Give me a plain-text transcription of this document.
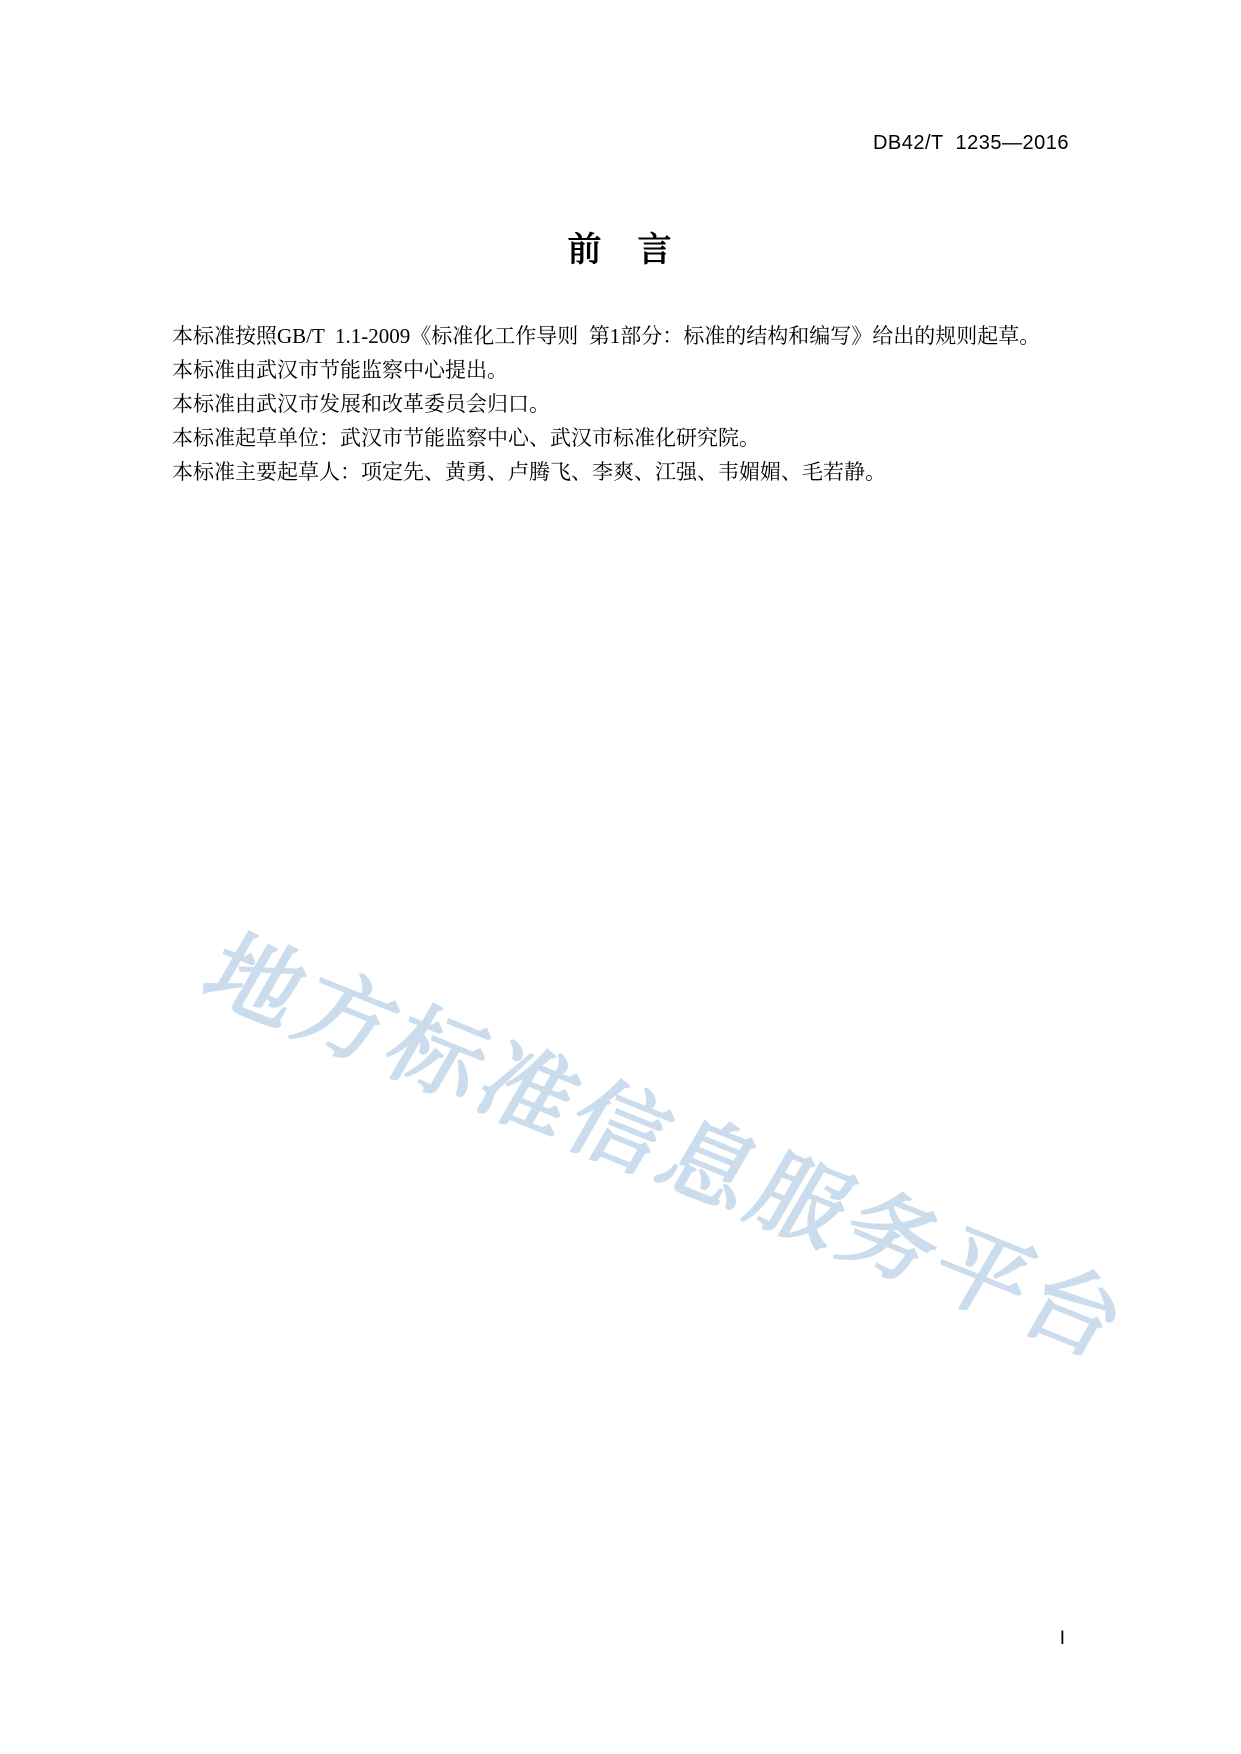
DB42/T  1235—2016
前 言

本标准按照GB/T  1.1-2009《标准化工作导则  第1部分：标准的结构和编写》给出的规则起草。

本标准由武汉市节能监察中心提出。

本标准由武汉市发展和改革委员会归口。

本标准起草单位：武汉市节能监察中心、武汉市标准化研究院。

本标准主要起草人：项定先、黄勇、卢腾飞、李爽、江强、韦媚媚、毛若静。

地方标准信息服务平台
I
